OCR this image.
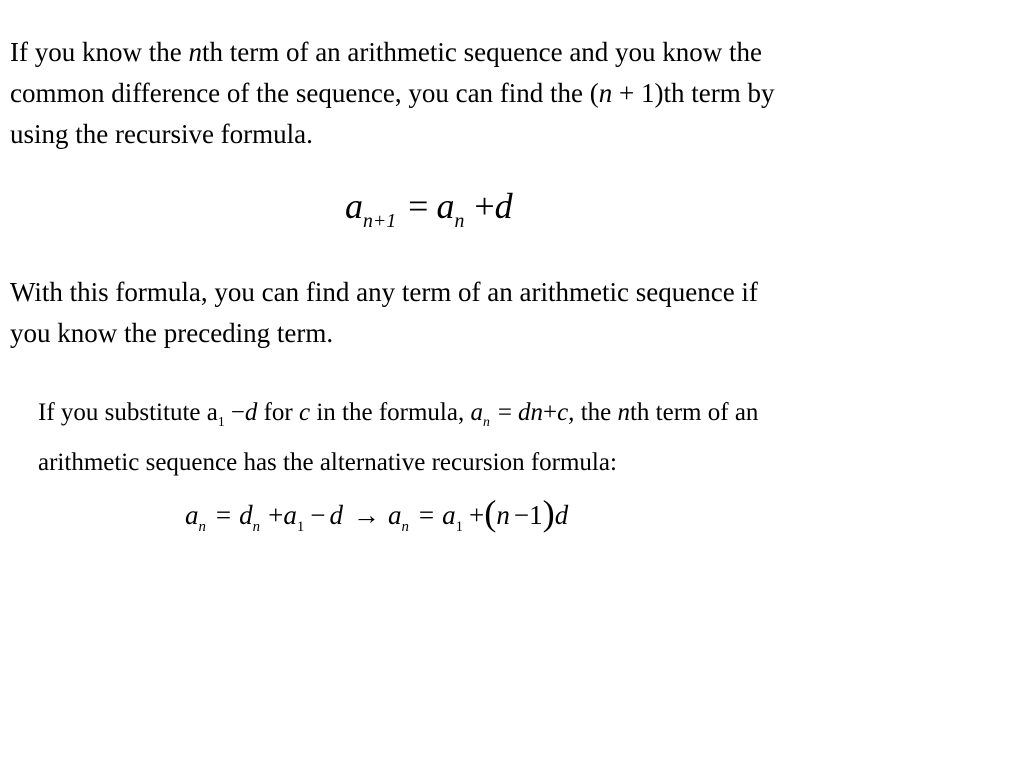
If you know the nth term of an arithmetic sequence and you know the
common difference of the sequence, you can find the (n + 1)th term by
using the recursive formula.
$a_{n+1} = a_n +d$
With this formula, you can find any term of an arithmetic sequence if
you know the preceding term.
If you substitute $a_1 -d$ for c in the formula, $a_n = dn+c$, the nth term of an
arithmetic sequence has the alternative recursion formula:
$a_n = d_n +a_1 - d \to a_n = a_1 +(n -1)d$
